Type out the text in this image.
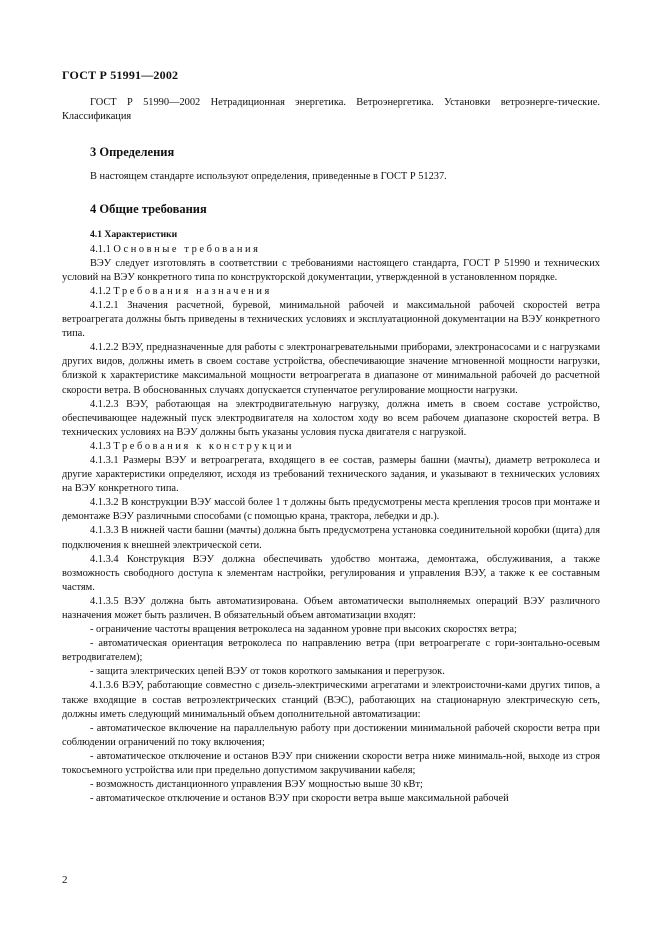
ГОСТ Р 51991—2002

ГОСТ Р 51990—2002 Нетрадиционная энергетика. Ветроэнергетика. Установки ветроэнерге-тические. Классификация

3 Определения

В настоящем стандарте используют определения, приведенные в ГОСТ Р 51237.

4 Общие требования
4.1 Характеристики

4.1.1 Основные требования

ВЭУ следует изготовлять в соответствии с требованиями настоящего стандарта, ГОСТ Р 51990 и технических условий на ВЭУ конкретного типа по конструкторской документации, утвержденной в установленном порядке.

4.1.2 Требования назначения

4.1.2.1 Значения расчетной, буревой, минимальной рабочей и максимальной рабочей скоростей ветра ветроагрегата должны быть приведены в технических условиях и эксплуатационной документации на ВЭУ конкретного типа.

4.1.2.2 ВЭУ, предназначенные для работы с электронагревательными приборами, электронасосами и с нагрузками других видов, должны иметь в своем составе устройства, обеспечивающие значение мгновенной мощности нагрузки, близкой к характеристике максимальной мощности ветроагрегата в диапазоне от минимальной рабочей до расчетной скорости ветра. В обоснованных случаях допускается ступенчатое регулирование мощности нагрузки.

4.1.2.3 ВЭУ, работающая на электродвигательную нагрузку, должна иметь в своем составе устройство, обеспечивающее надежный пуск электродвигателя на холостом ходу во всем рабочем диапазоне скоростей ветра. В технических условиях на ВЭУ должны быть указаны условия пуска двигателя с нагрузкой.

4.1.3 Требования к конструкции

4.1.3.1 Размеры ВЭУ и ветроагрегата, входящего в ее состав, размеры башни (мачты), диаметр ветроколеса и другие характеристики определяют, исходя из требований технического задания, и указывают в технических условиях на ВЭУ конкретного типа.

4.1.3.2 В конструкции ВЭУ массой более 1 т должны быть предусмотрены места крепления тросов при монтаже и демонтаже ВЭУ различными способами (с помощью крана, трактора, лебедки и др.).

4.1.3.3 В нижней части башни (мачты) должна быть предусмотрена установка соединительной коробки (щита) для подключения к внешней электрической сети.

4.1.3.4 Конструкция ВЭУ должна обеспечивать удобство монтажа, демонтажа, обслуживания, а также возможность свободного доступа к элементам настройки, регулирования и управления ВЭУ, а также к ее составным частям.

4.1.3.5 ВЭУ должна быть автоматизирована. Объем автоматически выполняемых операций ВЭУ различного назначения может быть различен. В обязательный объем автоматизации входят:

- ограничение частоты вращения ветроколеса на заданном уровне при высоких скоростях ветра;

- автоматическая ориентация ветроколеса по направлению ветра (при ветроагрегате с гори-зонтально-осевым ветродвигателем);

- защита электрических цепей ВЭУ от токов короткого замыкания и перегрузок.

4.1.3.6 ВЭУ, работающие совместно с дизель-электрическими агрегатами и электроисточни-ками других типов, а также входящие в состав ветроэлектрических станций (ВЭС), работающих на стационарную электрическую сеть, должны иметь следующий минимальный объем дополнительной автоматизации:

- автоматическое включение на параллельную работу при достижении минимальной рабочей скорости ветра при соблюдении ограничений по току включения;

- автоматическое отключение и останов ВЭУ при снижении скорости ветра ниже минималь-ной, выходе из строя токосъемного устройства или при предельно допустимом закручивании кабеля;

- возможность дистанционного управления ВЭУ мощностью выше 30 кВт;

- автоматическое отключение и останов ВЭУ при скорости ветра выше максимальной рабочей

2
